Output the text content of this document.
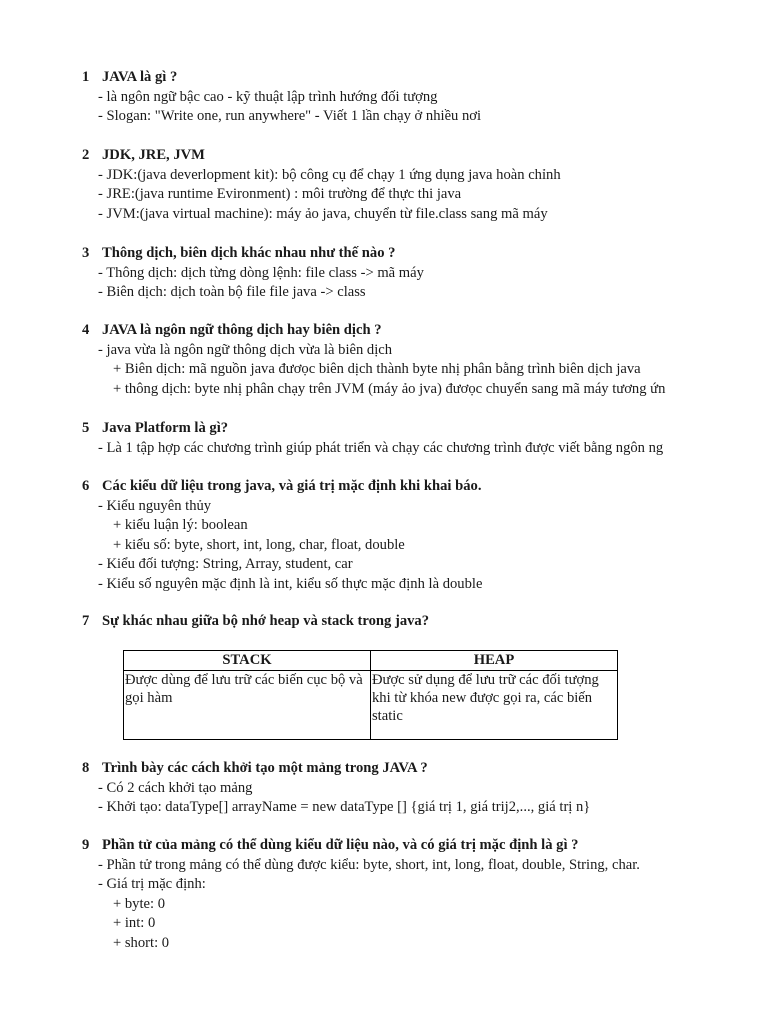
1 JAVA là gì ?
- là ngôn ngữ bậc cao - kỹ thuật lập trình hướng đối tượng
- Slogan: "Write one, run anywhere" - Viết 1 lần chạy ở nhiều nơi
2 JDK, JRE, JVM
- JDK:(java deverlopment kit): bộ công cụ để chạy 1 ứng dụng java hoàn chỉnh
- JRE:(java runtime Evironment) : môi trường để thực thi java
- JVM:(java virtual machine): máy ảo java, chuyển từ file.class sang mã máy
3 Thông dịch, biên dịch khác nhau như thế nào ?
- Thông dịch: dịch từng dòng lệnh: file class -> mã máy
- Biên dịch: dịch toàn bộ file file java -> class
4 JAVA là ngôn ngữ thông dịch hay biên dịch ?
- java vừa là ngôn ngữ thông dịch vừa là biên dịch
+ Biên dịch: mã nguồn java đươọc biên dịch thành byte nhị phân bằng trình biên dịch java
+ thông dịch: byte nhị phân chạy trên JVM (máy ảo jva) đươọc chuyển sang mã máy tương ứn
5 Java Platform là gì?
- Là 1 tập hợp các chương trình giúp phát triển và chạy các chương trình được viết bằng ngôn ng
6 Các kiểu dữ liệu trong java, và giá trị mặc định khi khai báo.
- Kiểu nguyên thủy
+ kiểu luận lý: boolean
+ kiểu số: byte, short, int, long, char, float, double
- Kiểu đối tượng: String, Array, student, car
- Kiểu số nguyên mặc định là int, kiểu số thực mặc định là double
7 Sự khác nhau giữa bộ nhớ heap và stack trong java?
STACK	HEAP
Được dùng để lưu trữ các biến cục bộ và gọi hàm	Được sử dụng để lưu trữ các đối tượng khi từ khóa new được gọi ra, các biến static
8 Trình bày các cách khởi tạo một mảng trong JAVA ?
- Có 2 cách khởi tạo mảng
- Khởi tạo: dataType[] arrayName = new dataType [] {giá trị 1, giá trij2,..., giá trị n}
9 Phần tử của mảng có thể dùng kiểu dữ liệu nào, và có giá trị mặc định là gì ?
- Phần tử trong mảng có thể dùng được kiểu: byte, short, int, long, float, double, String, char.
- Giá trị mặc định:
+ byte: 0
+ int: 0
+ short: 0
